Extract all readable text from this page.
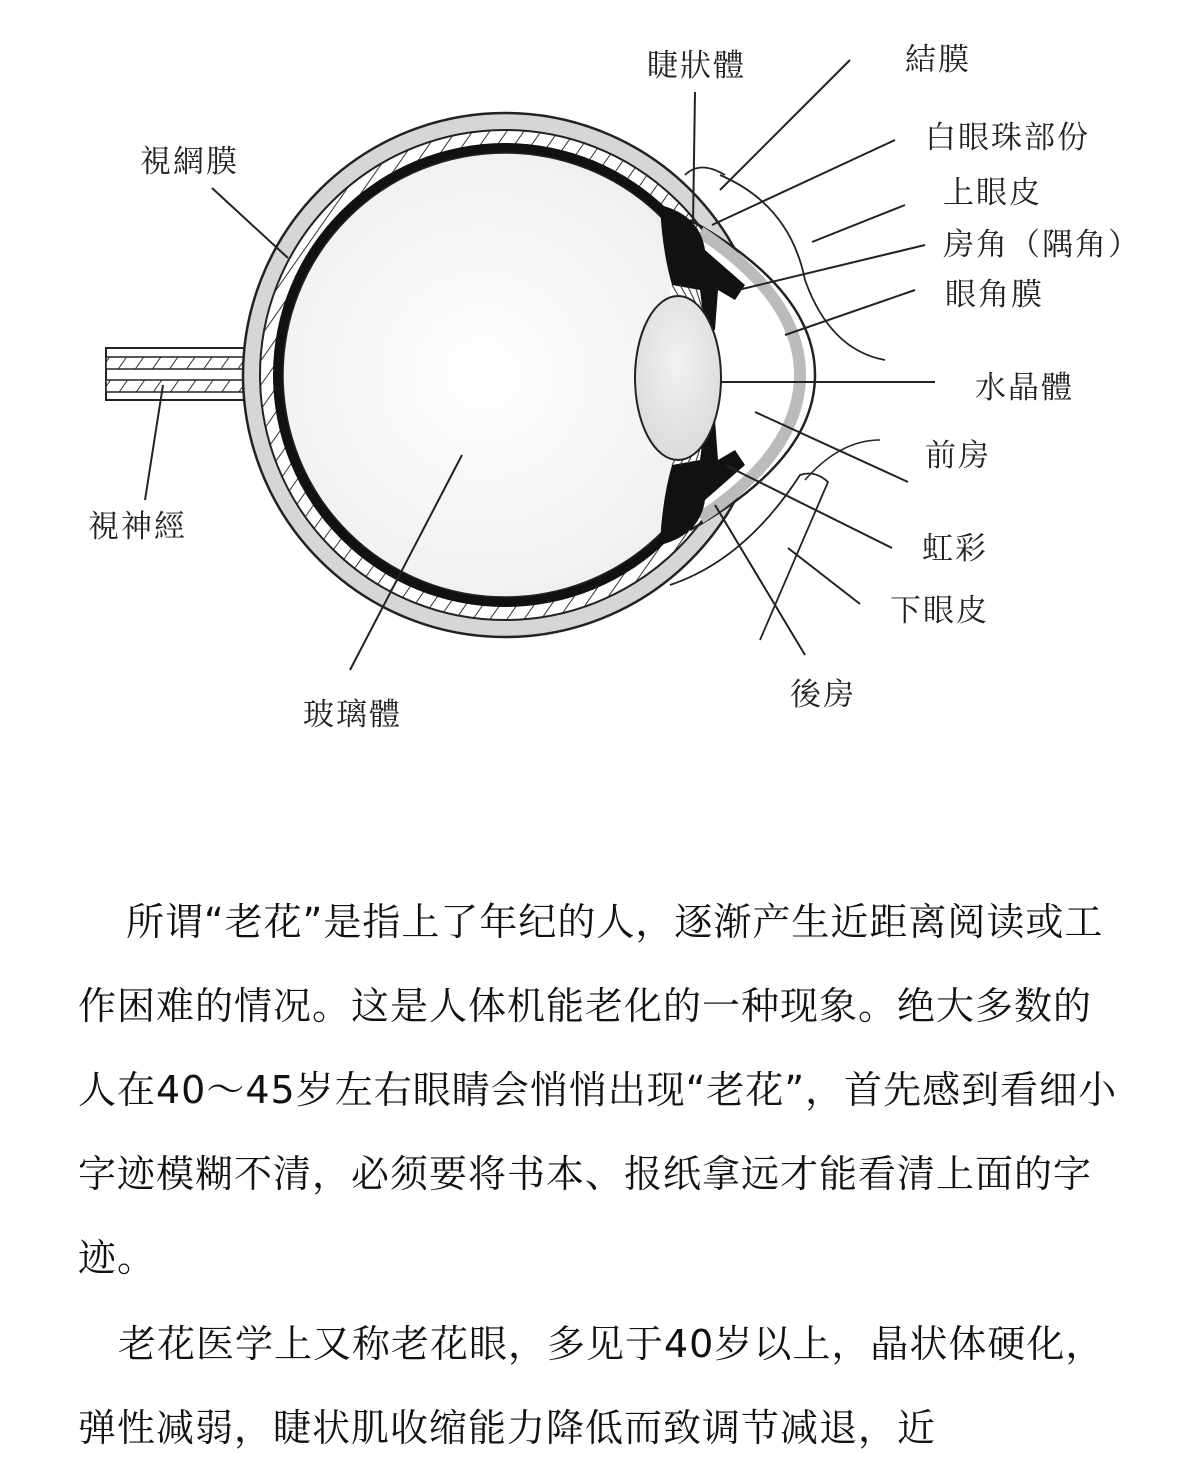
睫狀體	結膜
白眼珠部份
上眼皮
房角（隅角）
眼角膜
視網膜
水晶體
前房
虹彩
視神經
下眼皮
後房
玻璃體

所谓“老花”是指上了年纪的人，逐渐产生近距离阅读或工作困难的情况。这是人体机能老化的一种现象。绝大多数的人在40～45岁左右眼睛会悄悄出现“老花”，首先感到看细小字迹模糊不清，必须要将书本、报纸拿远才能看清上面的字迹。

老花医学上又称老花眼，多见于40岁以上，晶状体硬化，弹性减弱，睫状肌收缩能力降低而致调节减退，近
